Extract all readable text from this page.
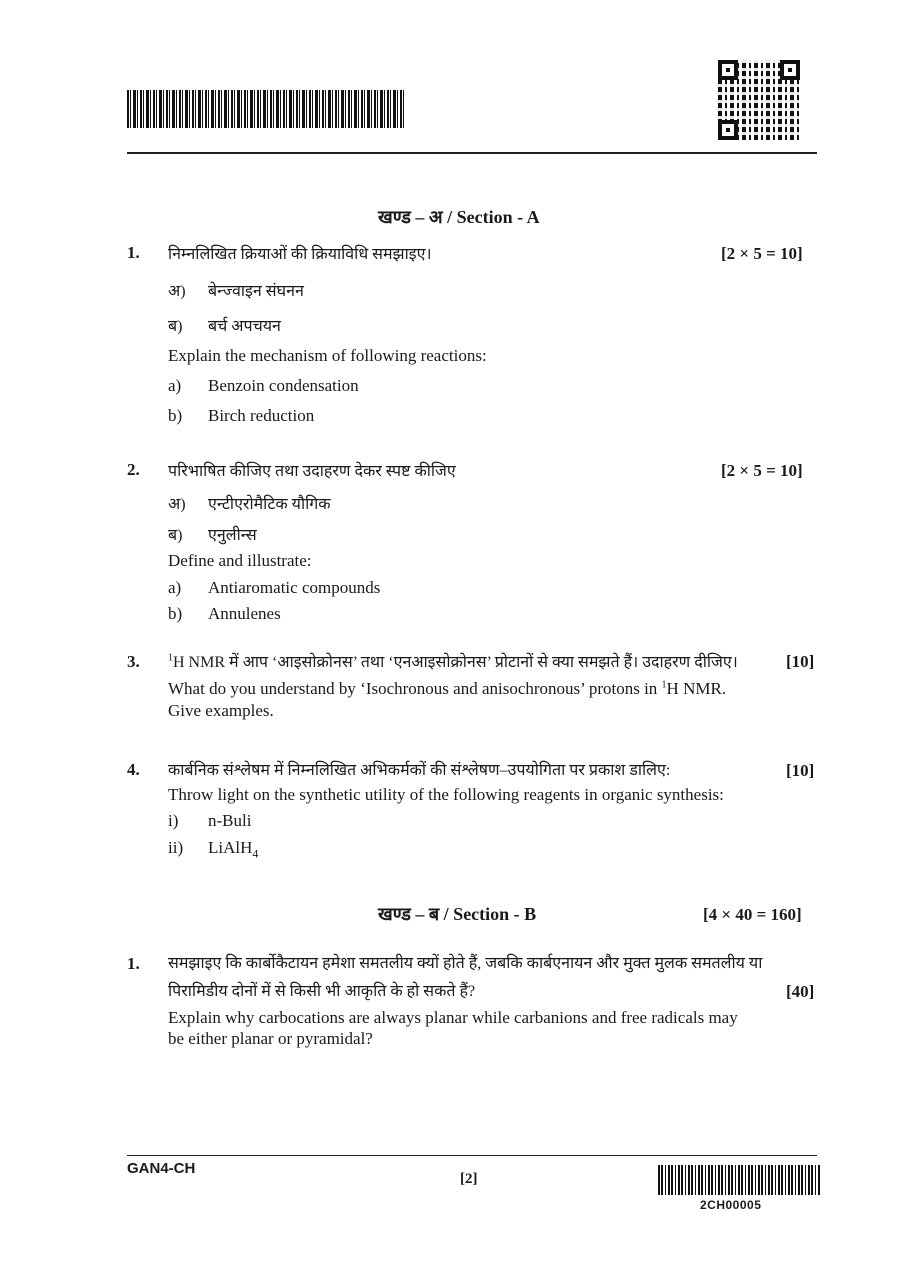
खण्ड – अ / Section - A
1. निम्नलिखित क्रियाओं की क्रियाविधि समझाइए।	[2 × 5 = 10]
अ) बेन्ज्वाइन संघनन
ब) बर्च अपचयन
Explain the mechanism of following reactions:
a) Benzoin condensation
b) Birch reduction
2. परिभाषित कीजिए तथा उदाहरण देकर स्पष्ट कीजिए	[2 × 5 = 10]
अ) एन्टीएरोमैटिक यौगिक
ब) एनुलीन्स
Define and illustrate:
a) Antiaromatic compounds
b) Annulenes
3.	$^1$H NMR में आप ‘आइसोक्रोनस’ तथा ‘एनआइसोक्रोनस’ प्रोटानों से क्या समझते हैं। उदाहरण दीजिए।	[10]
What do you understand by ‘Isochronous and anisochronous’ protons in $^1$H NMR.
Give examples.
4. कार्बनिक संश्लेषम में निम्नलिखित अभिकर्मकों की संश्लेषण–उपयोगिता पर प्रकाश डालिए:	[10]
Throw light on the synthetic utility of the following reagents in organic synthesis:
i) n-Buli
ii) LiAlH$_4$
खण्ड – ब / Section - B	[4 × 40 = 160]
1. समझाइए कि कार्बोकैटायन हमेशा समतलीय क्यों होते हैं, जबकि कार्बएनायन और मुक्त मुलक समतलीय या
पिरामिडीय दोनों में से किसी भी आकृति के हो सकते हैं?	[40]
Explain why carbocations are always planar while carbanions and free radicals may
be either planar or pyramidal?
GAN4-CH
[2]
2CH00005
